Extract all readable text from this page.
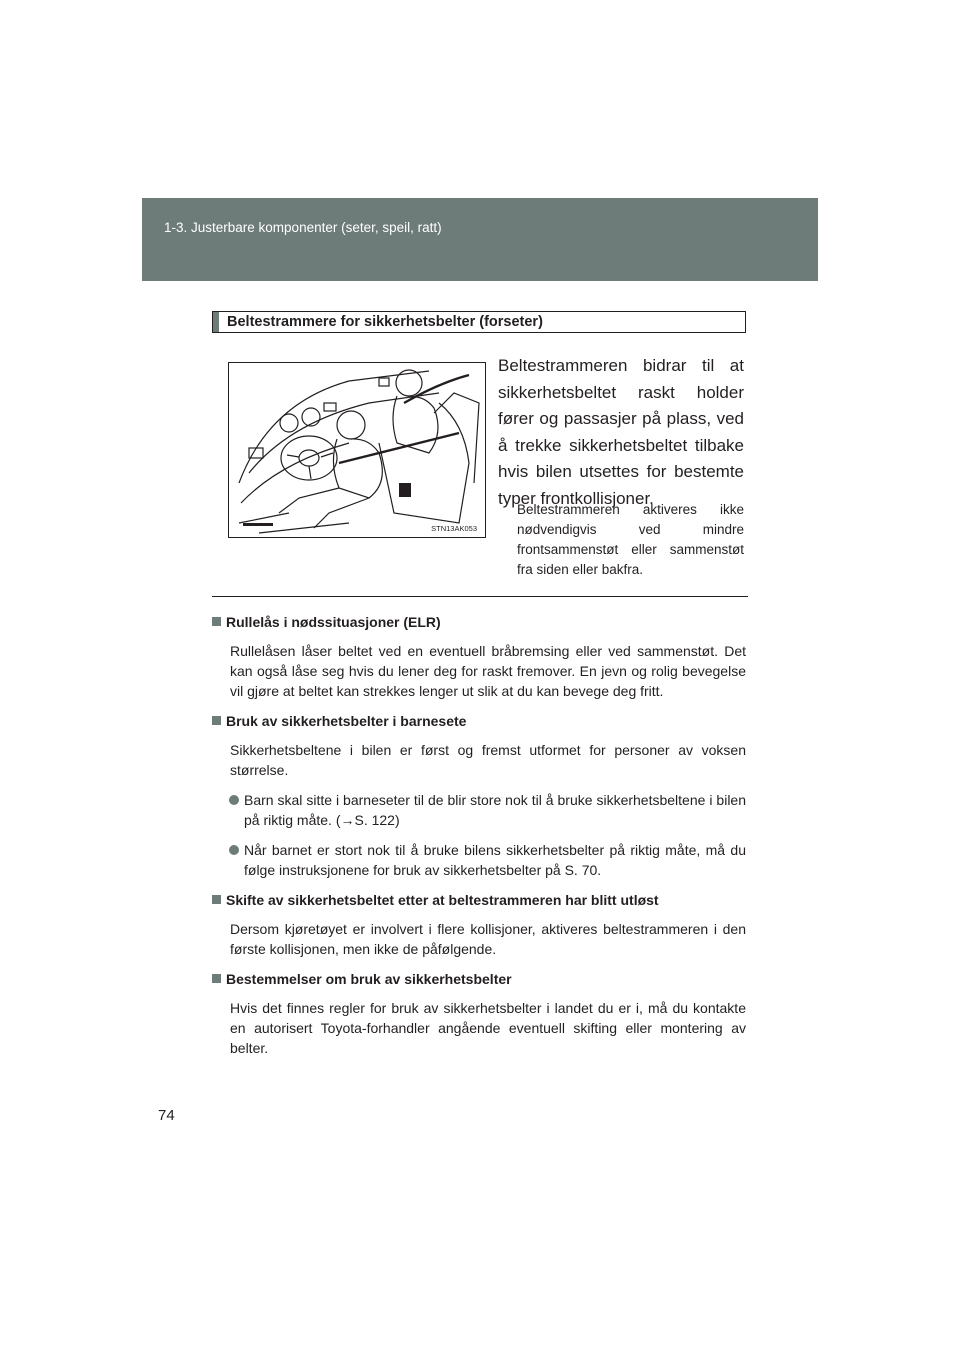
1-3. Justerbare komponenter (seter, speil, ratt)
Beltestrammere for sikkerhetsbelter (forseter)
STN13AK053
Beltestrammeren bidrar til at sikkerhetsbeltet raskt holder fører og passasjer på plass, ved å trekke sikkerhetsbeltet tilbake hvis bilen utsettes for bestemte typer frontkollisjoner.
Beltestrammeren aktiveres ikke nødvendigvis ved mindre frontsammenstøt eller sammenstøt fra siden eller bakfra.
Rullelås i nødssituasjoner (ELR)
Rullelåsen låser beltet ved en eventuell bråbremsing eller ved sammenstøt. Det kan også låse seg hvis du lener deg for raskt fremover. En jevn og rolig bevegelse vil gjøre at beltet kan strekkes lenger ut slik at du kan bevege deg fritt.
Bruk av sikkerhetsbelter i barnesete
Sikkerhetsbeltene i bilen er først og fremst utformet for personer av voksen størrelse.
Barn skal sitte i barneseter til de blir store nok til å bruke sikkerhetsbeltene i bilen på riktig måte. (→S. 122)
Når barnet er stort nok til å bruke bilens sikkerhetsbelter på riktig måte, må du følge instruksjonene for bruk av sikkerhetsbelter på S. 70.
Skifte av sikkerhetsbeltet etter at beltestrammeren har blitt utløst
Dersom kjøretøyet er involvert i flere kollisjoner, aktiveres beltestrammeren i den første kollisjonen, men ikke de påfølgende.
Bestemmelser om bruk av sikkerhetsbelter
Hvis det finnes regler for bruk av sikkerhetsbelter i landet du er i, må du kontakte en autorisert Toyota-forhandler angående eventuell skifting eller montering av belter.
74
